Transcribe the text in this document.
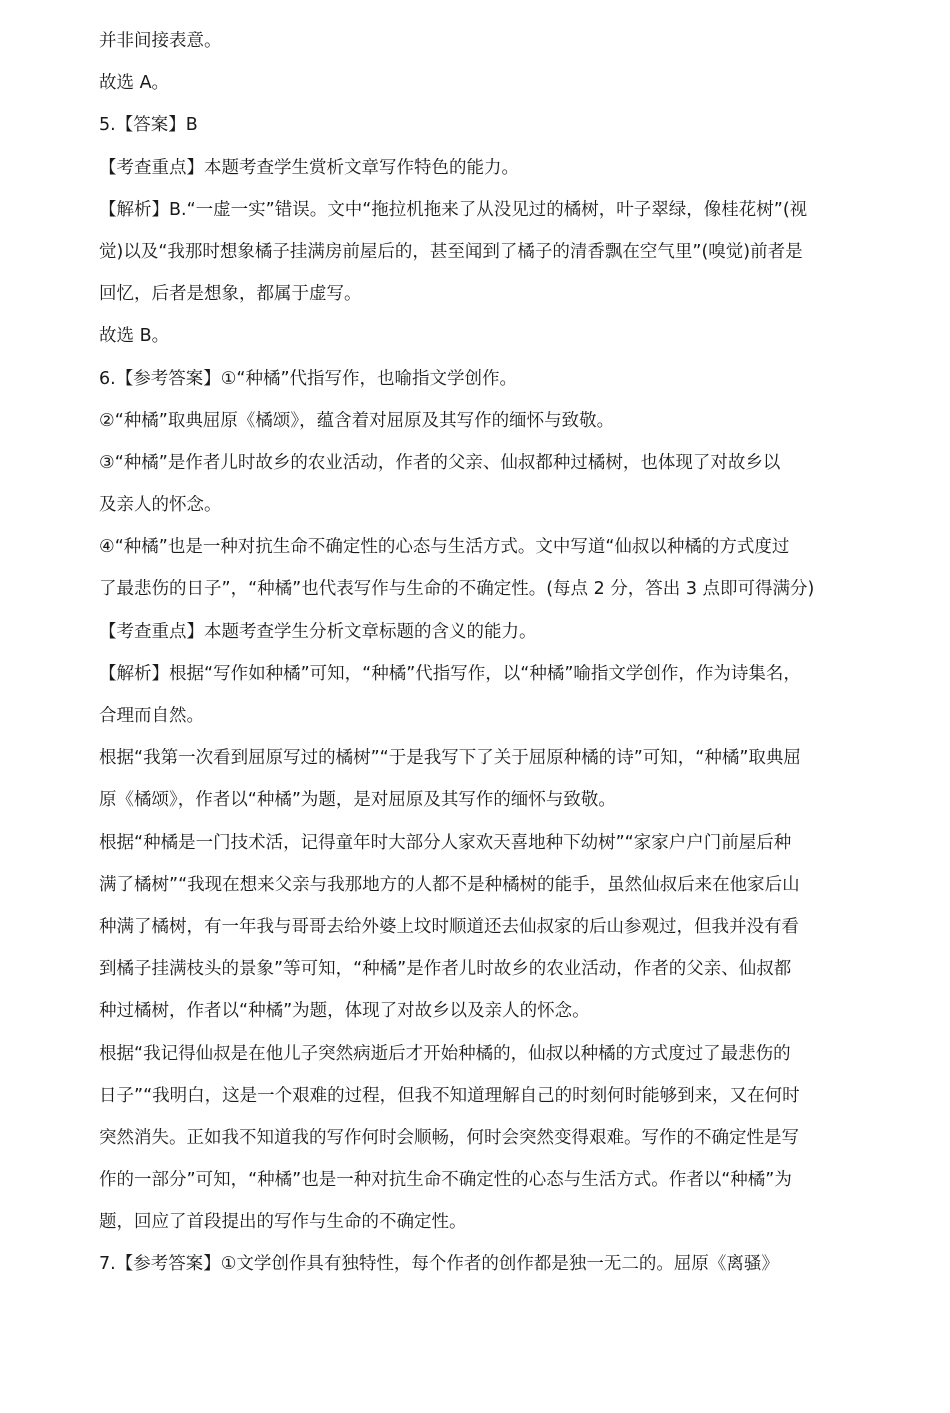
并非间接表意。
故选 A。
5.【答案】B
【考查重点】本题考查学生赏析文章写作特色的能力。
【解析】B.“一虚一实”错误。文中“拖拉机拖来了从没见过的橘树，叶子翠绿，像桂花树”(视
觉)以及“我那时想象橘子挂满房前屋后的，甚至闻到了橘子的清香飘在空气里”(嗅觉)前者是
回忆，后者是想象，都属于虚写。
故选 B。
6.【参考答案】①“种橘”代指写作，也喻指文学创作。
②“种橘”取典屈原《橘颂》，蕴含着对屈原及其写作的缅怀与致敬。
③“种橘”是作者儿时故乡的农业活动，作者的父亲、仙叔都种过橘树，也体现了对故乡以
及亲人的怀念。
④“种橘”也是一种对抗生命不确定性的心态与生活方式。文中写道“仙叔以种橘的方式度过
了最悲伤的日子”，“种橘”也代表写作与生命的不确定性。(每点 2 分，答出 3 点即可得满分)
【考查重点】本题考查学生分析文章标题的含义的能力。
【解析】根据“写作如种橘”可知，“种橘”代指写作，以“种橘”喻指文学创作，作为诗集名，
合理而自然。
根据“我第一次看到屈原写过的橘树”“于是我写下了关于屈原种橘的诗”可知，“种橘”取典屈
原《橘颂》，作者以“种橘”为题，是对屈原及其写作的缅怀与致敬。
根据“种橘是一门技术活，记得童年时大部分人家欢天喜地种下幼树”“家家户户门前屋后种
满了橘树”“我现在想来父亲与我那地方的人都不是种橘树的能手，虽然仙叔后来在他家后山
种满了橘树，有一年我与哥哥去给外婆上坟时顺道还去仙叔家的后山参观过，但我并没有看
到橘子挂满枝头的景象”等可知，“种橘”是作者儿时故乡的农业活动，作者的父亲、仙叔都
种过橘树，作者以“种橘”为题，体现了对故乡以及亲人的怀念。
根据“我记得仙叔是在他儿子突然病逝后才开始种橘的，仙叔以种橘的方式度过了最悲伤的
日子”“我明白，这是一个艰难的过程，但我不知道理解自己的时刻何时能够到来，又在何时
突然消失。正如我不知道我的写作何时会顺畅，何时会突然变得艰难。写作的不确定性是写
作的一部分”可知，“种橘”也是一种对抗生命不确定性的心态与生活方式。作者以“种橘”为
题，回应了首段提出的写作与生命的不确定性。
7.【参考答案】①文学创作具有独特性，每个作者的创作都是独一无二的。屈原《离骚》
